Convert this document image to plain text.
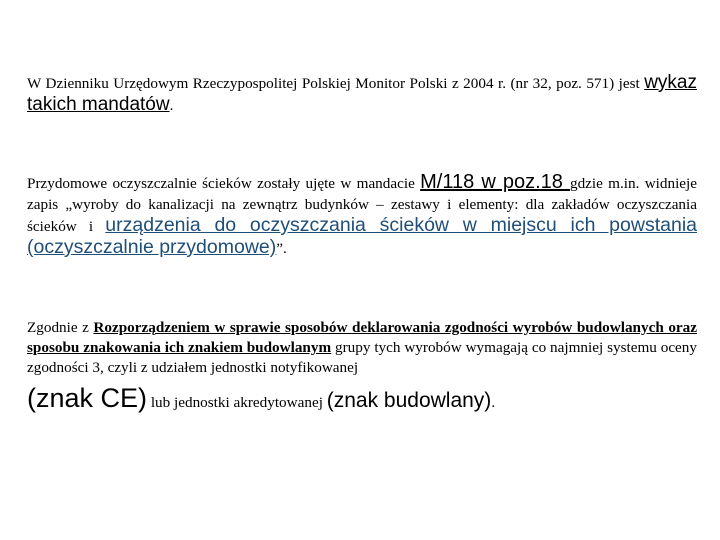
W Dzienniku Urzędowym Rzeczypospolitej Polskiej Monitor Polski z 2004 r. (nr 32, poz. 571) jest wykaz takich mandatów.

Przydomowe oczyszczalnie ścieków zostały ujęte w mandacie M/118 w poz.18 gdzie m.in. widnieje zapis „wyroby do kanalizacji na zewnątrz budynków – zestawy i elementy: dla zakładów oczyszczania ścieków i urządzenia do oczyszczania ścieków w miejscu ich powstania (oczyszczalnie przydomowe)”.

Zgodnie z Rozporządzeniem w sprawie sposobów deklarowania zgodności wyrobów budowlanych oraz sposobu znakowania ich znakiem budowlanym grupy tych wyrobów wymagają co najmniej systemu oceny zgodności 3, czyli z udziałem jednostki notyfikowanej
(znak CE) lub jednostki akredytowanej (znak budowlany).
